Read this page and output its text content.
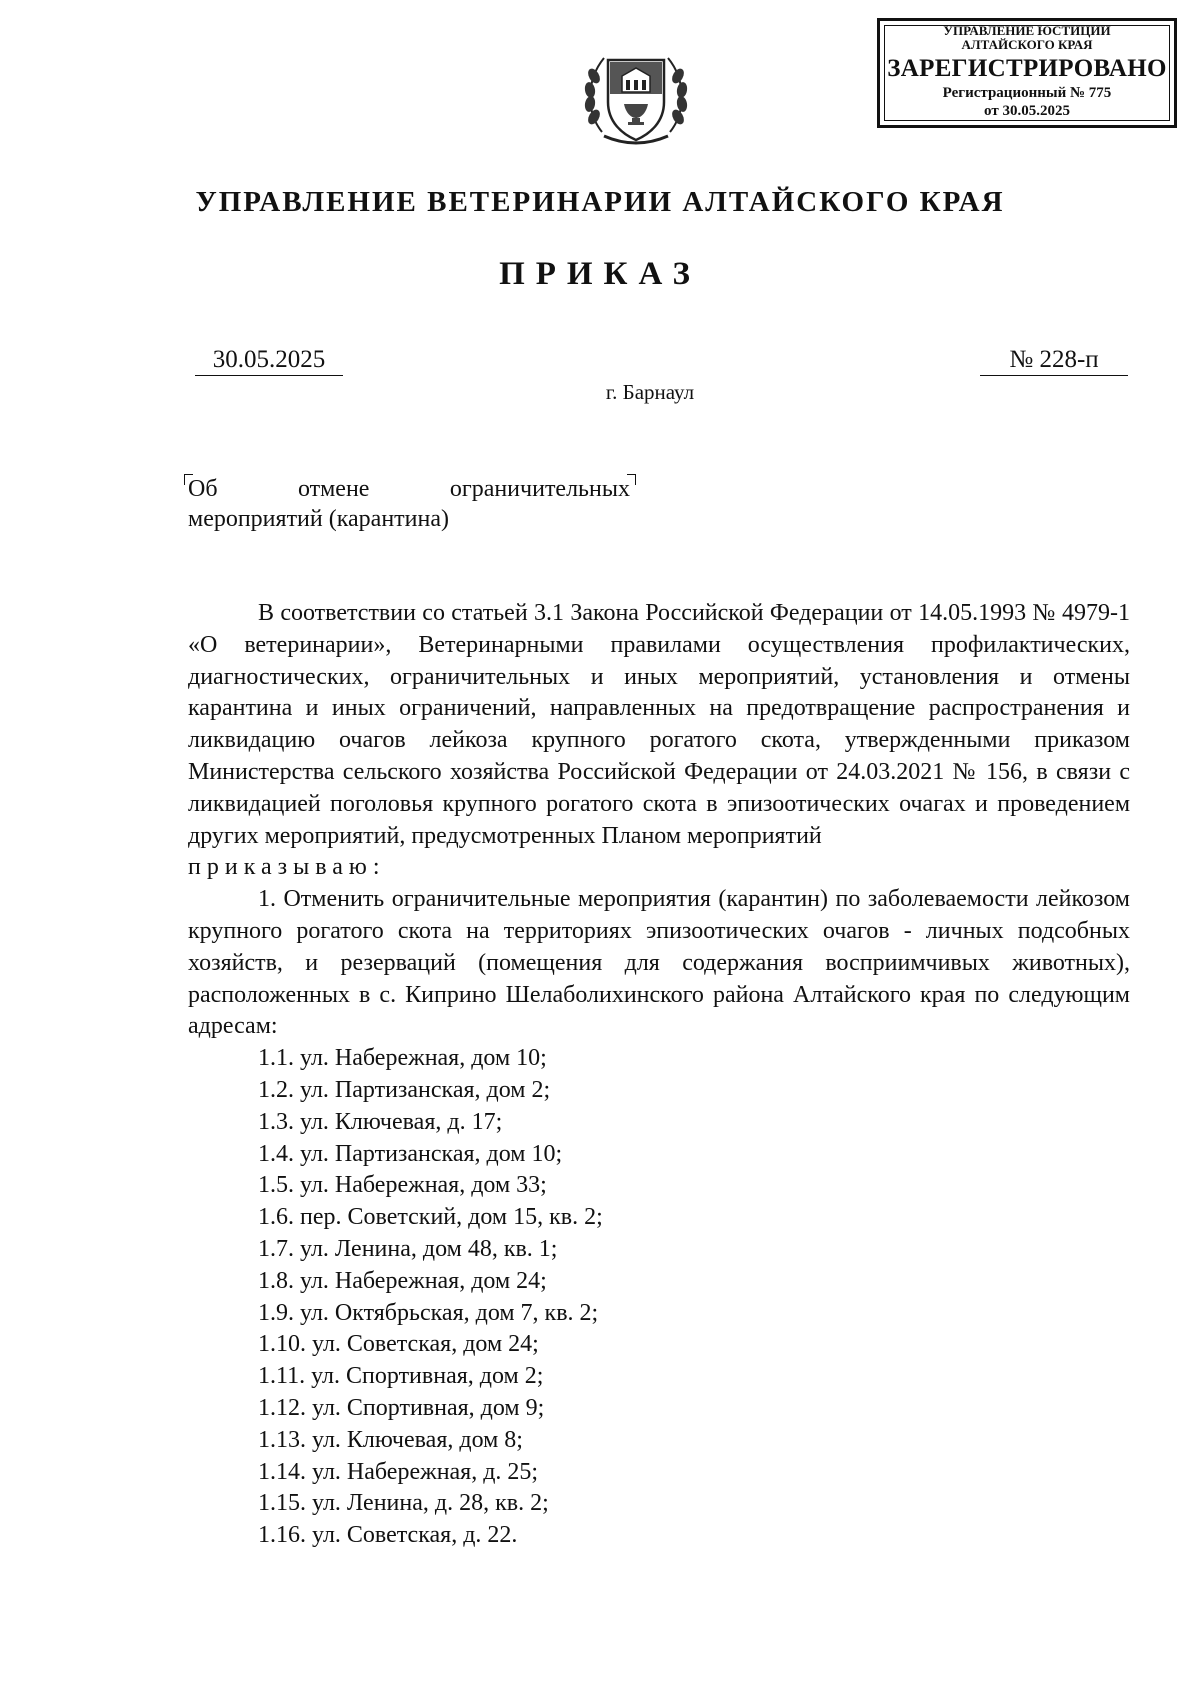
УПРАВЛЕНИЕ ЮСТИЦИИ
АЛТАЙСКОГО КРАЯ
ЗАРЕГИСТРИРОВАНО
Регистрационный № 775
от 30.05.2025
УПРАВЛЕНИЕ ВЕТЕРИНАРИИ АЛТАЙСКОГО КРАЯ
ПРИКАЗ
30.05.2025	№ 228-п
г. Барнаул
Об	отмене	ограничительных
мероприятий (карантина)

В соответствии со статьей 3.1 Закона Российской Федерации от 14.05.1993 № 4979-1 «О ветеринарии», Ветеринарными правилами осуществления профилактических, диагностических, ограничительных и иных мероприятий, установления и отмены карантина и иных ограничений, направленных на предотвращение распространения и ликвидацию очагов лейкоза крупного рогатого скота, утвержденными приказом Министерства сельского хозяйства Российской Федерации от 24.03.2021 № 156, в связи с ликвидацией поголовья крупного рогатого скота в эпизоотических очагах и проведением других мероприятий, предусмотренных Планом мероприятий

приказываю:

1. Отменить ограничительные мероприятия (карантин) по заболеваемости лейкозом крупного рогатого скота на территориях эпизоотических очагов - личных подсобных хозяйств, и резерваций (помещения для содержания восприимчивых животных), расположенных в с. Киприно Шелаболихинского района Алтайского края по следующим адресам:

1.1. ул. Набережная, дом 10;
1.2. ул. Партизанская, дом 2;
1.3. ул. Ключевая, д. 17;
1.4. ул. Партизанская, дом 10;
1.5. ул. Набережная, дом 33;
1.6. пер. Советский, дом 15, кв. 2;
1.7. ул. Ленина, дом 48, кв. 1;
1.8. ул. Набережная, дом 24;
1.9. ул. Октябрьская, дом 7, кв. 2;
1.10. ул. Советская, дом 24;
1.11. ул. Спортивная, дом 2;
1.12. ул. Спортивная, дом 9;
1.13. ул. Ключевая, дом 8;
1.14. ул. Набережная, д. 25;
1.15. ул. Ленина, д. 28, кв. 2;
1.16. ул. Советская, д. 22.
